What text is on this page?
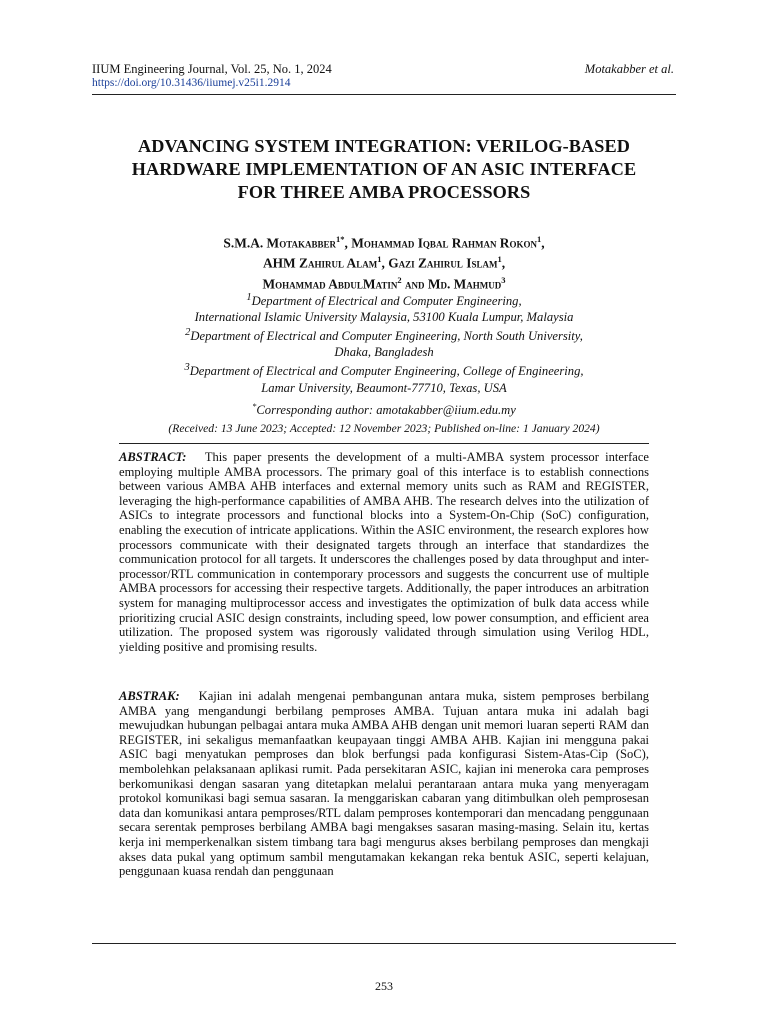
IIUM Engineering Journal, Vol. 25, No. 1, 2024	Motakabber et al.
https://doi.org/10.31436/iiumej.v25i1.2914
ADVANCING SYSTEM INTEGRATION: VERILOG-BASED
HARDWARE IMPLEMENTATION OF AN ASIC INTERFACE
FOR THREE AMBA PROCESSORS

S.M.A. Motakabber$^{1*}$, Mohammad Iqbal Rahman Rokon$^1$,
AHM Zahirul Alam$^1$, Gazi Zahirul Islam$^1$,
Mohammad AbdulMatin$^2$ and Md. Mahmud$^3$

$^1$Department of Electrical and Computer Engineering,
International Islamic University Malaysia, 53100 Kuala Lumpur, Malaysia
$^2$Department of Electrical and Computer Engineering, North South University,
Dhaka, Bangladesh
$^3$Department of Electrical and Computer Engineering, College of Engineering,
Lamar University, Beaumont-77710, Texas, USA

*Corresponding author: amotakabber@iium.edu.my
(Received: 13 June 2023; Accepted: 12 November 2023; Published on-line: 1 January 2024)

ABSTRACT: This paper presents the development of a multi-AMBA system processor interface employing multiple AMBA processors. The primary goal of this interface is to establish connections between various AMBA AHB interfaces and external memory units such as RAM and REGISTER, leveraging the high-performance capabilities of AMBA AHB. The research delves into the utilization of ASICs to integrate processors and functional blocks into a System-On-Chip (SoC) configuration, enabling the execution of intricate applications. Within the ASIC environment, the research explores how processors communicate with their designated targets through an interface that standardizes the communication protocol for all targets. It underscores the challenges posed by data throughput and inter-processor/RTL communication in contemporary processors and suggests the concurrent use of multiple AMBA processors for accessing their respective targets. Additionally, the paper introduces an arbitration system for managing multiprocessor access and investigates the optimization of bulk data access while prioritizing crucial ASIC design constraints, including speed, low power consumption, and efficient area utilization. The proposed system was rigorously validated through simulation using Verilog HDL, yielding positive and promising results.

ABSTRAK: Kajian ini adalah mengenai pembangunan antara muka, sistem pemproses berbilang AMBA yang mengandungi berbilang pemproses AMBA. Tujuan antara muka ini adalah bagi mewujudkan hubungan pelbagai antara muka AMBA AHB dengan unit memori luaran seperti RAM dan REGISTER, ini sekaligus memanfaatkan keupayaan tinggi AMBA AHB. Kajian ini mengguna pakai ASIC bagi menyatukan pemproses dan blok berfungsi pada konfigurasi Sistem-Atas-Cip (SoC), membolehkan pelaksanaan aplikasi rumit. Pada persekitaran ASIC, kajian ini meneroka cara pemproses berkomunikasi dengan sasaran yang ditetapkan melalui perantaraan antara muka yang menyeragam protokol komunikasi bagi semua sasaran. Ia menggariskan cabaran yang ditimbulkan oleh pemprosesan data dan komunikasi antara pemproses/RTL dalam pemproses kontemporari dan mencadang penggunaan secara serentak pemproses berbilang AMBA bagi mengakses sasaran masing-masing. Selain itu, kertas kerja ini memperkenalkan sistem timbang tara bagi mengurus akses berbilang pemproses dan mengkaji akses data pukal yang optimum sambil mengutamakan kekangan reka bentuk ASIC, seperti kelajuan, penggunaan kuasa rendah dan penggunaan

253
